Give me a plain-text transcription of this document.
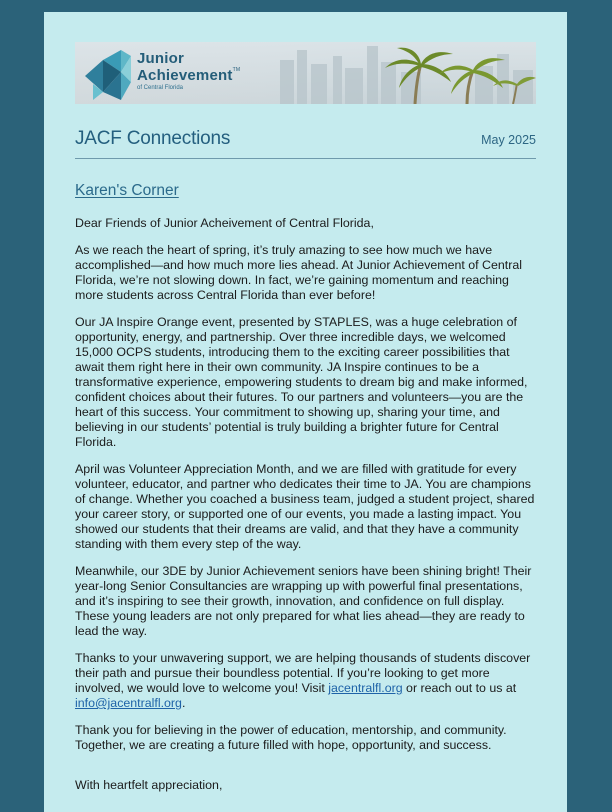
Junior
Achievement™
of Central Florida
JACF Connections	May 2025
Karen's Corner

Dear Friends of Junior Acheivement of Central Florida,

As we reach the heart of spring, it’s truly amazing to see how much we have accomplished—and how much more lies ahead. At Junior Achievement of Central Florida, we’re not slowing down. In fact, we’re gaining momentum and reaching more students across Central Florida than ever before!

Our JA Inspire Orange event, presented by STAPLES, was a huge celebration of opportunity, energy, and partnership. Over three incredible days, we welcomed 15,000 OCPS students, introducing them to the exciting career possibilities that await them right here in their own community. JA Inspire continues to be a transformative experience, empowering students to dream big and make informed, confident choices about their futures. To our partners and volunteers—you are the heart of this success. Your commitment to showing up, sharing your time, and believing in our students’ potential is truly building a brighter future for Central Florida.

April was Volunteer Appreciation Month, and we are filled with gratitude for every volunteer, educator, and partner who dedicates their time to JA. You are champions of change. Whether you coached a business team, judged a student project, shared your career story, or supported one of our events, you made a lasting impact. You showed our students that their dreams are valid, and that they have a community standing with them every step of the way.

Meanwhile, our 3DE by Junior Achievement seniors have been shining bright! Their year-long Senior Consultancies are wrapping up with powerful final presentations, and it’s inspiring to see their growth, innovation, and confidence on full display. These young leaders are not only prepared for what lies ahead—they are ready to lead the way.

Thanks to your unwavering support, we are helping thousands of students discover their path and pursue their boundless potential. If you’re looking to get more involved, we would love to welcome you! Visit jacentralfl.org or reach out to us at info@jacentralfl.org.

Thank you for believing in the power of education, mentorship, and community. Together, we are creating a future filled with hope, opportunity, and success.

With heartfelt appreciation,
